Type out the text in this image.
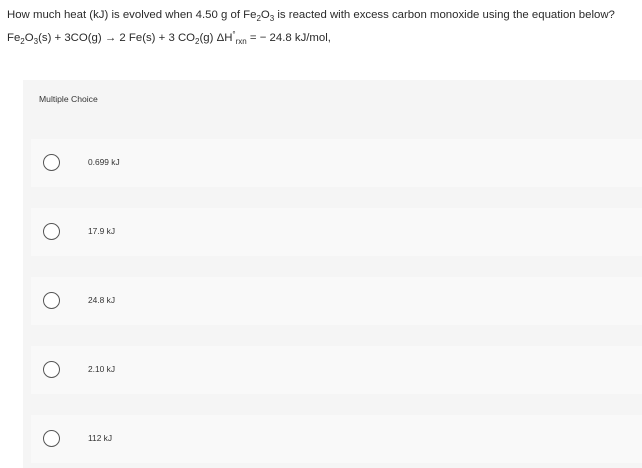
How much heat (kJ) is evolved when 4.50 g of $Fe_2O_3$ is reacted with excess carbon monoxide using the equation below?
$Fe_2O_3(s) + 3CO(g) \to 2$ Fe(s) + 3 $CO_2(g) \Delta H^\circ_{rxn}$ = − 24.8 kJ/mol,
Multiple Choice
0.699 kJ
17.9 kJ
24.8 kJ
2.10 kJ
112 kJ
